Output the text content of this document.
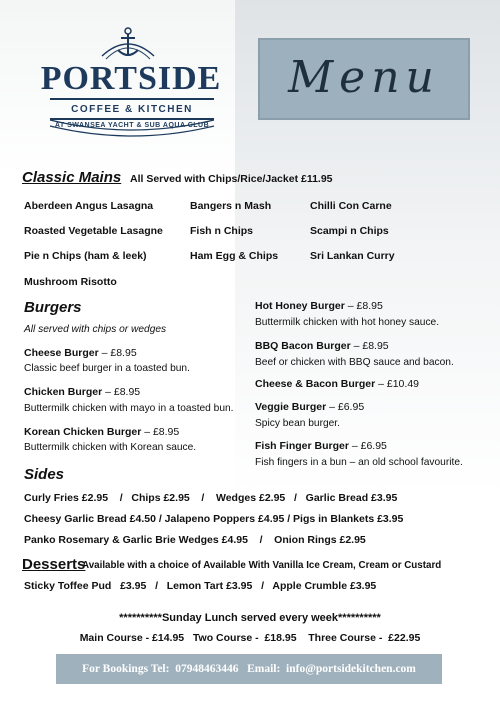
PORTSIDE
COFFEE & KITCHEN
AT SWANSEA YACHT & SUB AQUA CLUB
Menu
Classic Mains All Served with Chips/Rice/Jacket £11.95
Aberdeen Angus Lasagna
Roasted Vegetable Lasagne
Pie n Chips (ham & leek)
Mushroom Risotto
Bangers n Mash
Fish n Chips
Ham Egg & Chips
Chilli Con Carne
Scampi n Chips
Sri Lankan Curry
Burgers
All served with chips or wedges
Cheese Burger – £8.95
Classic beef burger in a toasted bun.
Chicken Burger – £8.95
Buttermilk chicken with mayo in a toasted bun.
Korean Chicken Burger – £8.95
Buttermilk chicken with Korean sauce.
Hot Honey Burger – £8.95
Buttermilk chicken with hot honey sauce.
BBQ Bacon Burger – £8.95
Beef or chicken with BBQ sauce and bacon.
Cheese & Bacon Burger – £10.49
Veggie Burger – £6.95
Spicy bean burger.
Fish Finger Burger – £6.95
Fish fingers in a bun – an old school favourite.
Sides
Curly Fries £2.95    /   Chips £2.95    /    Wedges £2.95   /   Garlic Bread £3.95
Cheesy Garlic Bread £4.50 / Jalapeno Poppers £4.95 / Pigs in Blankets £3.95
Panko Rosemary & Garlic Brie Wedges £4.95    /    Onion Rings £2.95
Desserts
Available with a choice of Available With Vanilla Ice Cream, Cream or Custard
Sticky Toffee Pud   £3.95   /   Lemon Tart £3.95   /   Apple Crumble £3.95
**********Sunday Lunch served every week**********
Main Course - £14.95   Two Course -  £18.95    Three Course -  £22.95
For Bookings Tel:  07948463446   Email:  info@portsidekitchen.com
